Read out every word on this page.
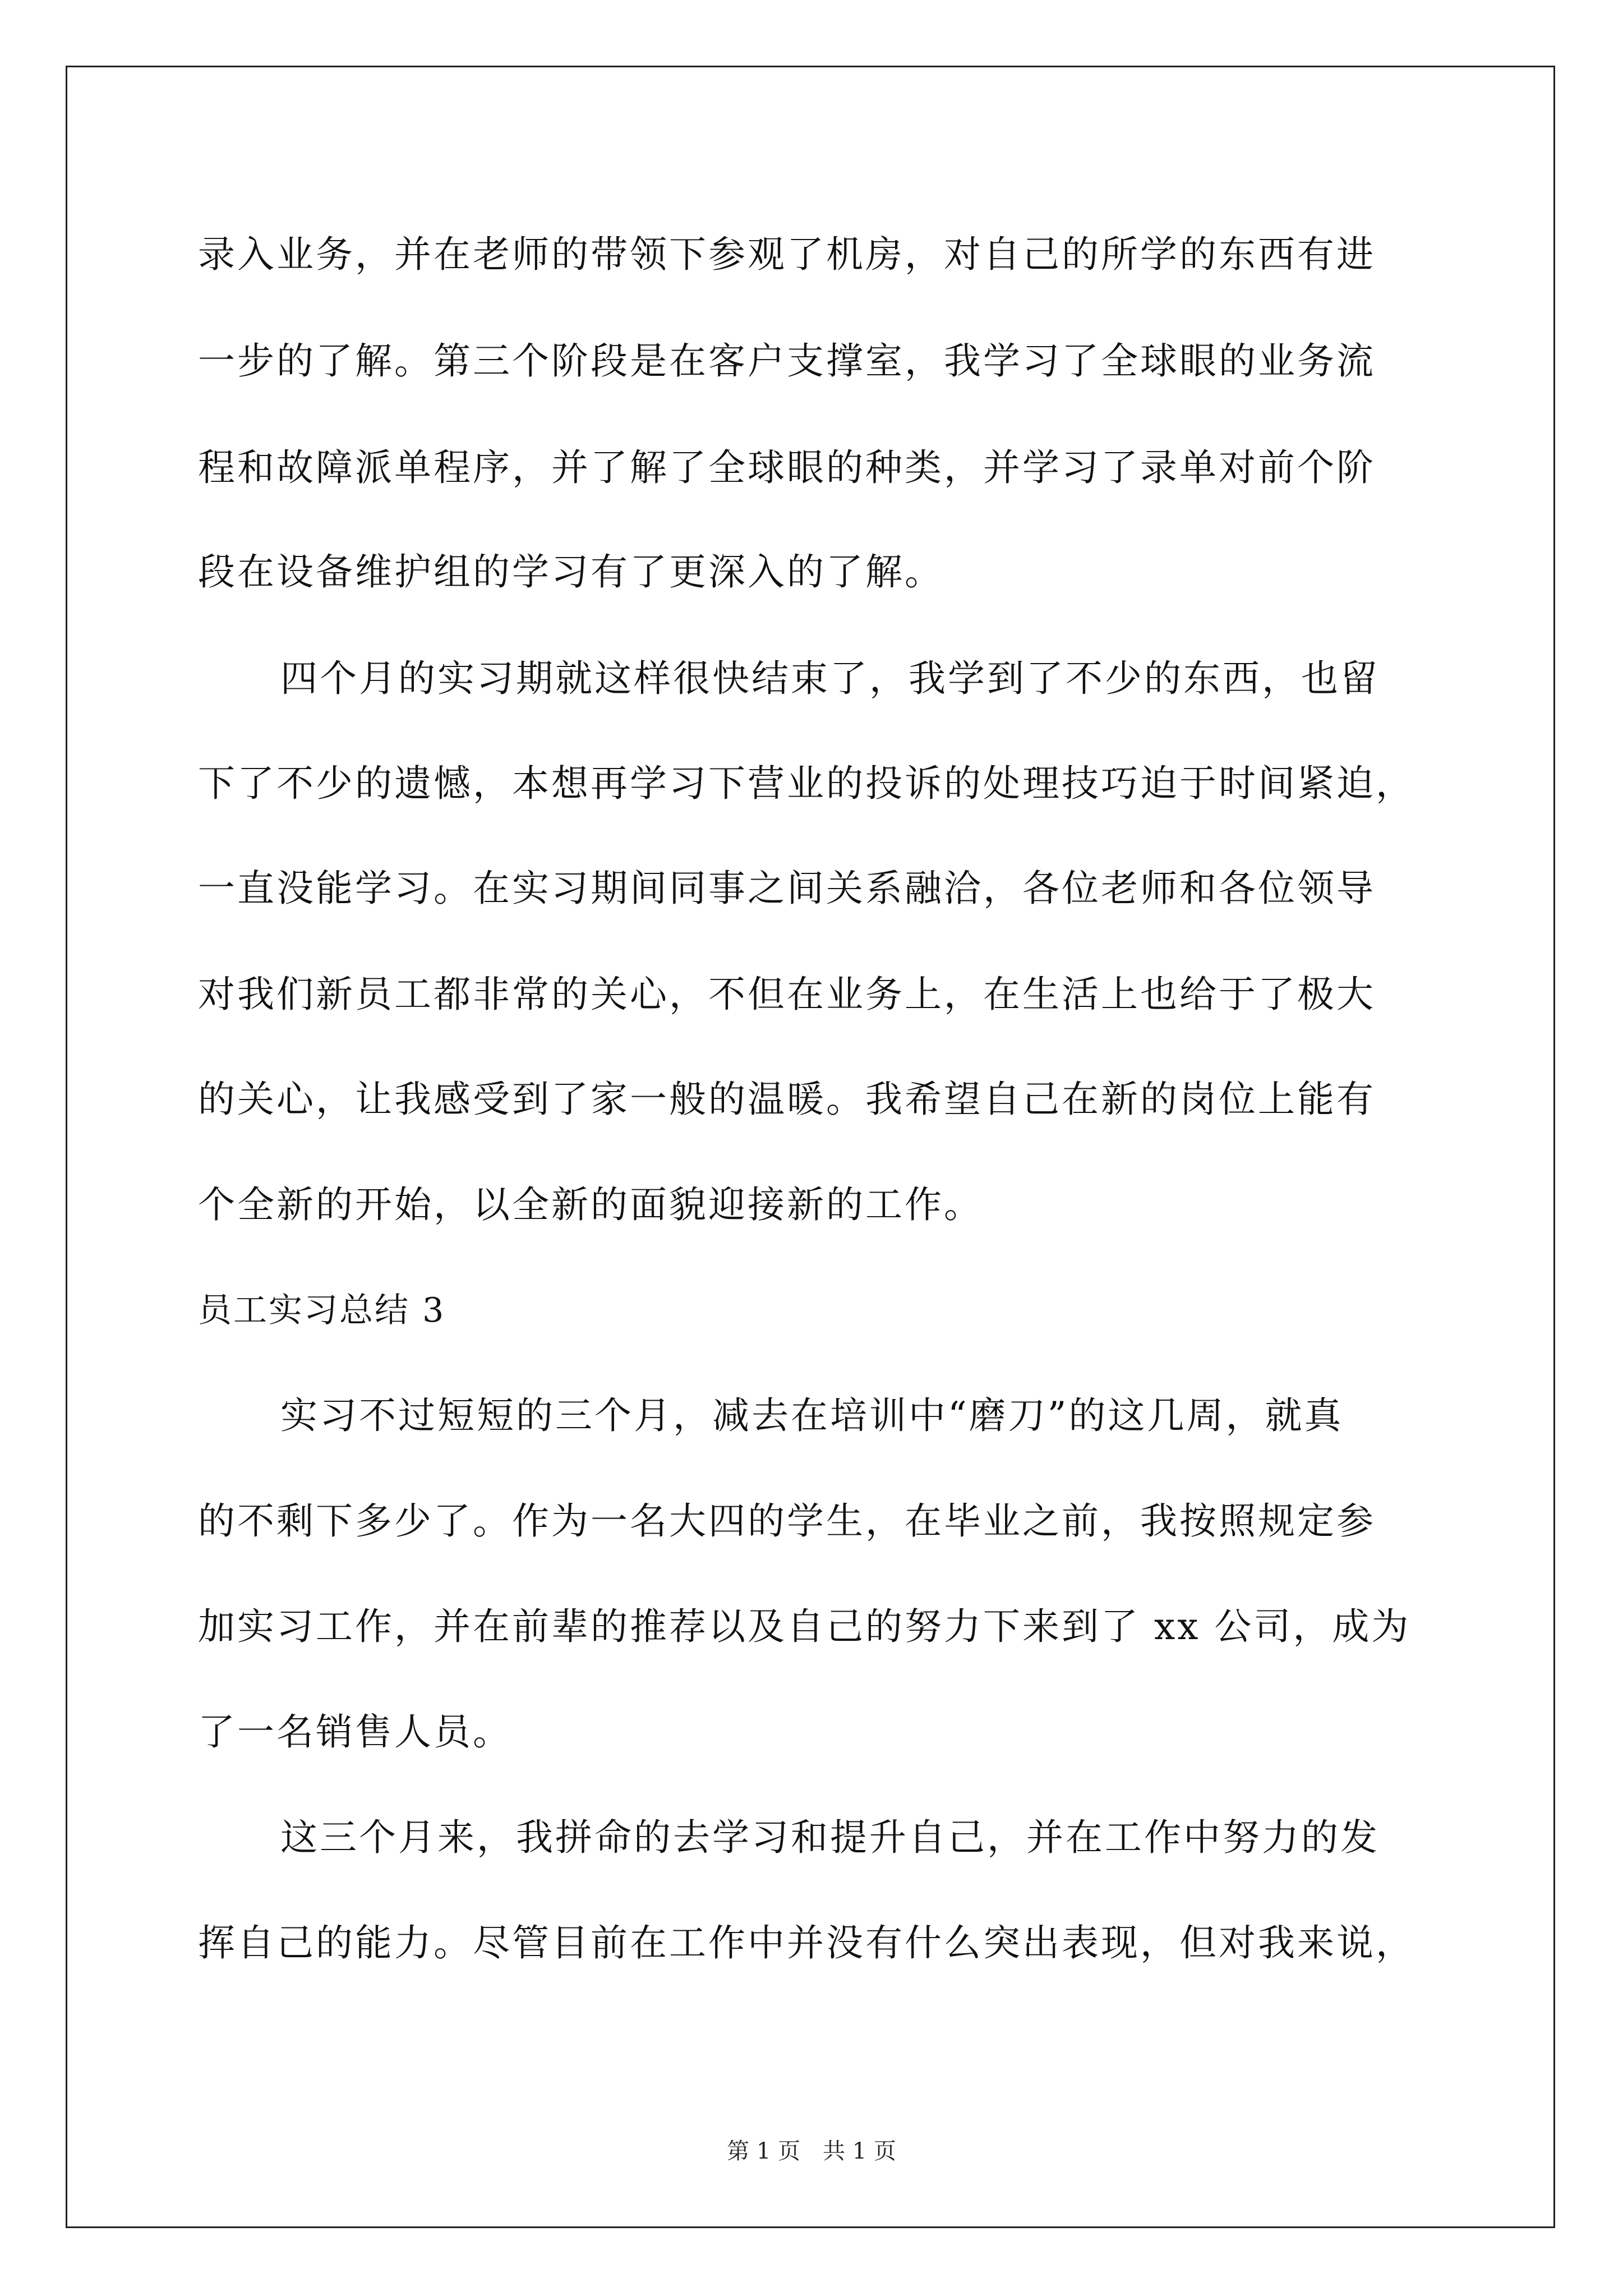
录入业务，并在老师的带领下参观了机房，对自己的所学的东西有进
一步的了解。第三个阶段是在客户支撑室，我学习了全球眼的业务流
程和故障派单程序，并了解了全球眼的种类，并学习了录单对前个阶
段在设备维护组的学习有了更深入的了解。
四个月的实习期就这样很快结束了，我学到了不少的东西，也留
下了不少的遗憾，本想再学习下营业的投诉的处理技巧迫于时间紧迫，
一直没能学习。在实习期间同事之间关系融洽，各位老师和各位领导
对我们新员工都非常的关心，不但在业务上，在生活上也给于了极大
的关心，让我感受到了家一般的温暖。我希望自己在新的岗位上能有
个全新的开始，以全新的面貌迎接新的工作。
员工实习总结 3
实习不过短短的三个月，减去在培训中“磨刀”的这几周，就真
的不剩下多少了。作为一名大四的学生，在毕业之前，我按照规定参
加实习工作，并在前辈的推荐以及自己的努力下来到了 xx 公司，成为
了一名销售人员。
这三个月来，我拼命的去学习和提升自己，并在工作中努力的发
挥自己的能力。尽管目前在工作中并没有什么突出表现，但对我来说，
第 1 页 共 1 页
